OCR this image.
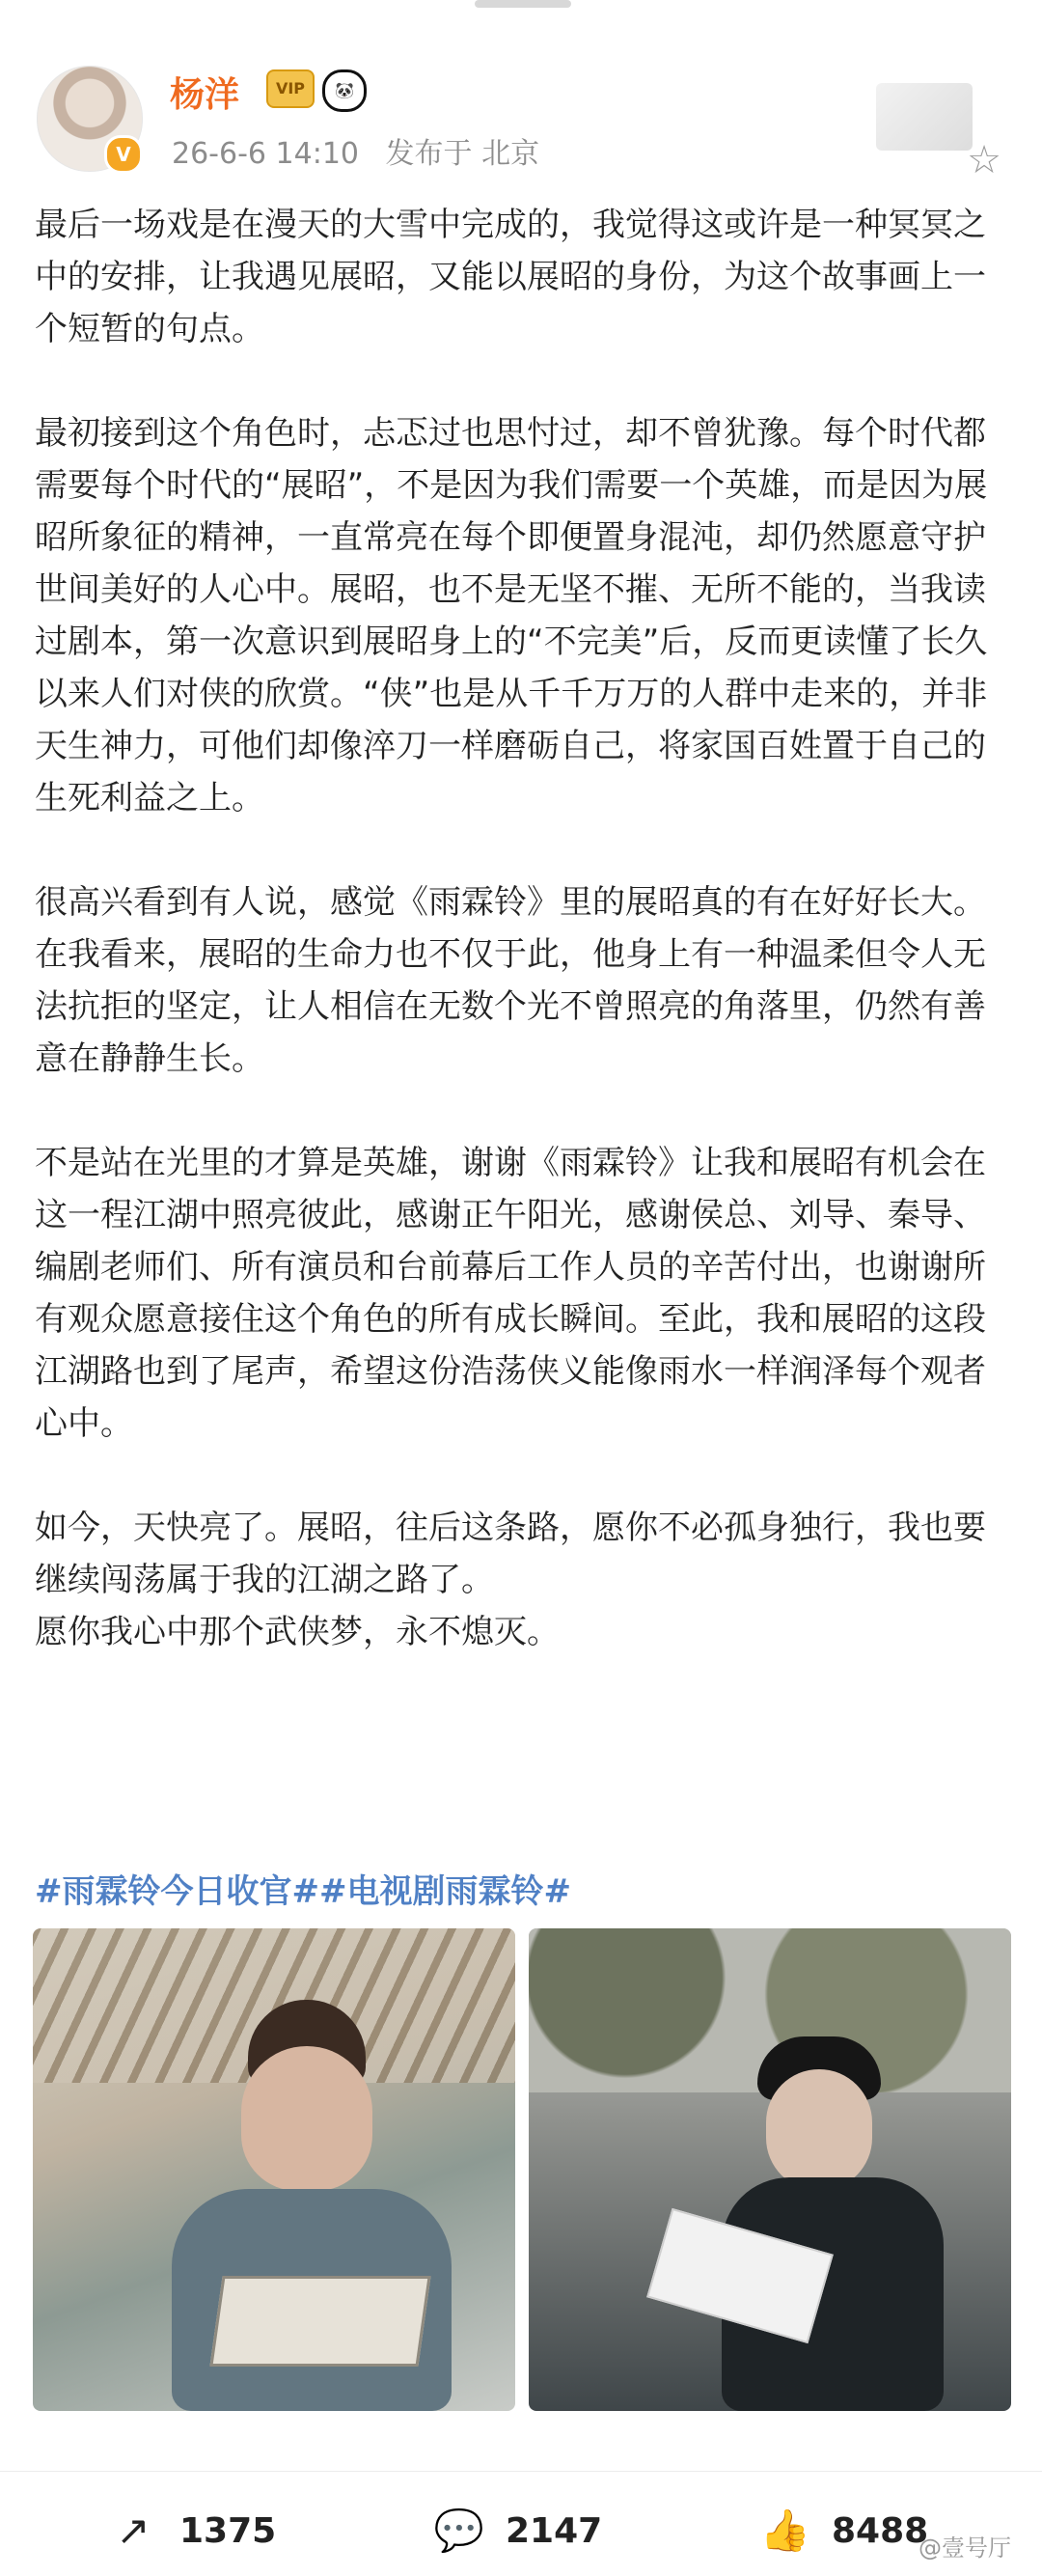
V
杨洋	VIP	🐼
26-6-6 14:10 发布于 北京	☆
最后一场戏是在漫天的大雪中完成的，我觉得这或许是一种冥冥之中的安排，让我遇见展昭，又能以展昭的身份，为这个故事画上一个短暂的句点。

最初接到这个角色时，忐忑过也思忖过，却不曾犹豫。每个时代都需要每个时代的“展昭”，不是因为我们需要一个英雄，而是因为展昭所象征的精神，一直常亮在每个即便置身混沌，却仍然愿意守护世间美好的人心中。展昭，也不是无坚不摧、无所不能的，当我读过剧本，第一次意识到展昭身上的“不完美”后，反而更读懂了长久以来人们对侠的欣赏。“侠”也是从千千万万的人群中走来的，并非天生神力，可他们却像淬刀一样磨砺自己，将家国百姓置于自己的生死利益之上。

很高兴看到有人说，感觉《雨霖铃》里的展昭真的有在好好长大。在我看来，展昭的生命力也不仅于此，他身上有一种温柔但令人无法抗拒的坚定，让人相信在无数个光不曾照亮的角落里，仍然有善意在静静生长。

不是站在光里的才算是英雄，谢谢《雨霖铃》让我和展昭有机会在这一程江湖中照亮彼此，感谢正午阳光，感谢侯总、刘导、秦导、编剧老师们、所有演员和台前幕后工作人员的辛苦付出，也谢谢所有观众愿意接住这个角色的所有成长瞬间。至此，我和展昭的这段江湖路也到了尾声，希望这份浩荡侠义能像雨水一样润泽每个观者心中。

如今，天快亮了。展昭，往后这条路，愿你不必孤身独行，我也要继续闯荡属于我的江湖之路了。
愿你我心中那个武侠梦，永不熄灭。
#雨霖铃今日收官##电视剧雨霖铃#
↗ 1375	💬 2147	👍 8488
@壹号厅
